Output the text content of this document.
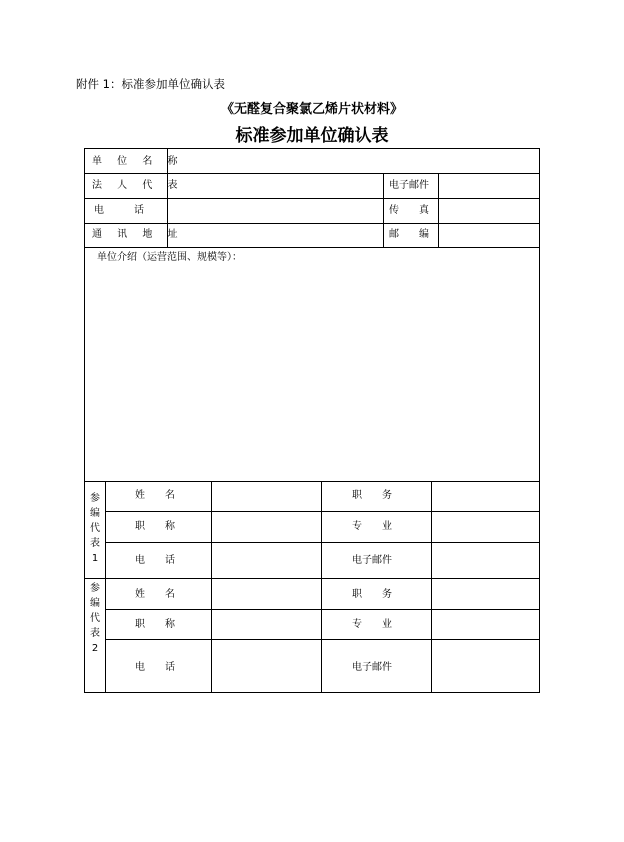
附件 1：标准参加单位确认表
《无醛复合聚氯乙烯片状材料》
标准参加单位确认表
单 位 名 称
法 人 代 表	电子邮件
电　　　话	传　　真
通 讯 地 址	邮　　编
单位介绍（运营范围、规模等）：
参编代表1
姓　　名	职　　务
职　　称	专　　业
电　　话	电子邮件
参编代表2
姓　　名	职　　务
职　　称	专　　业
电　　话	电子邮件
